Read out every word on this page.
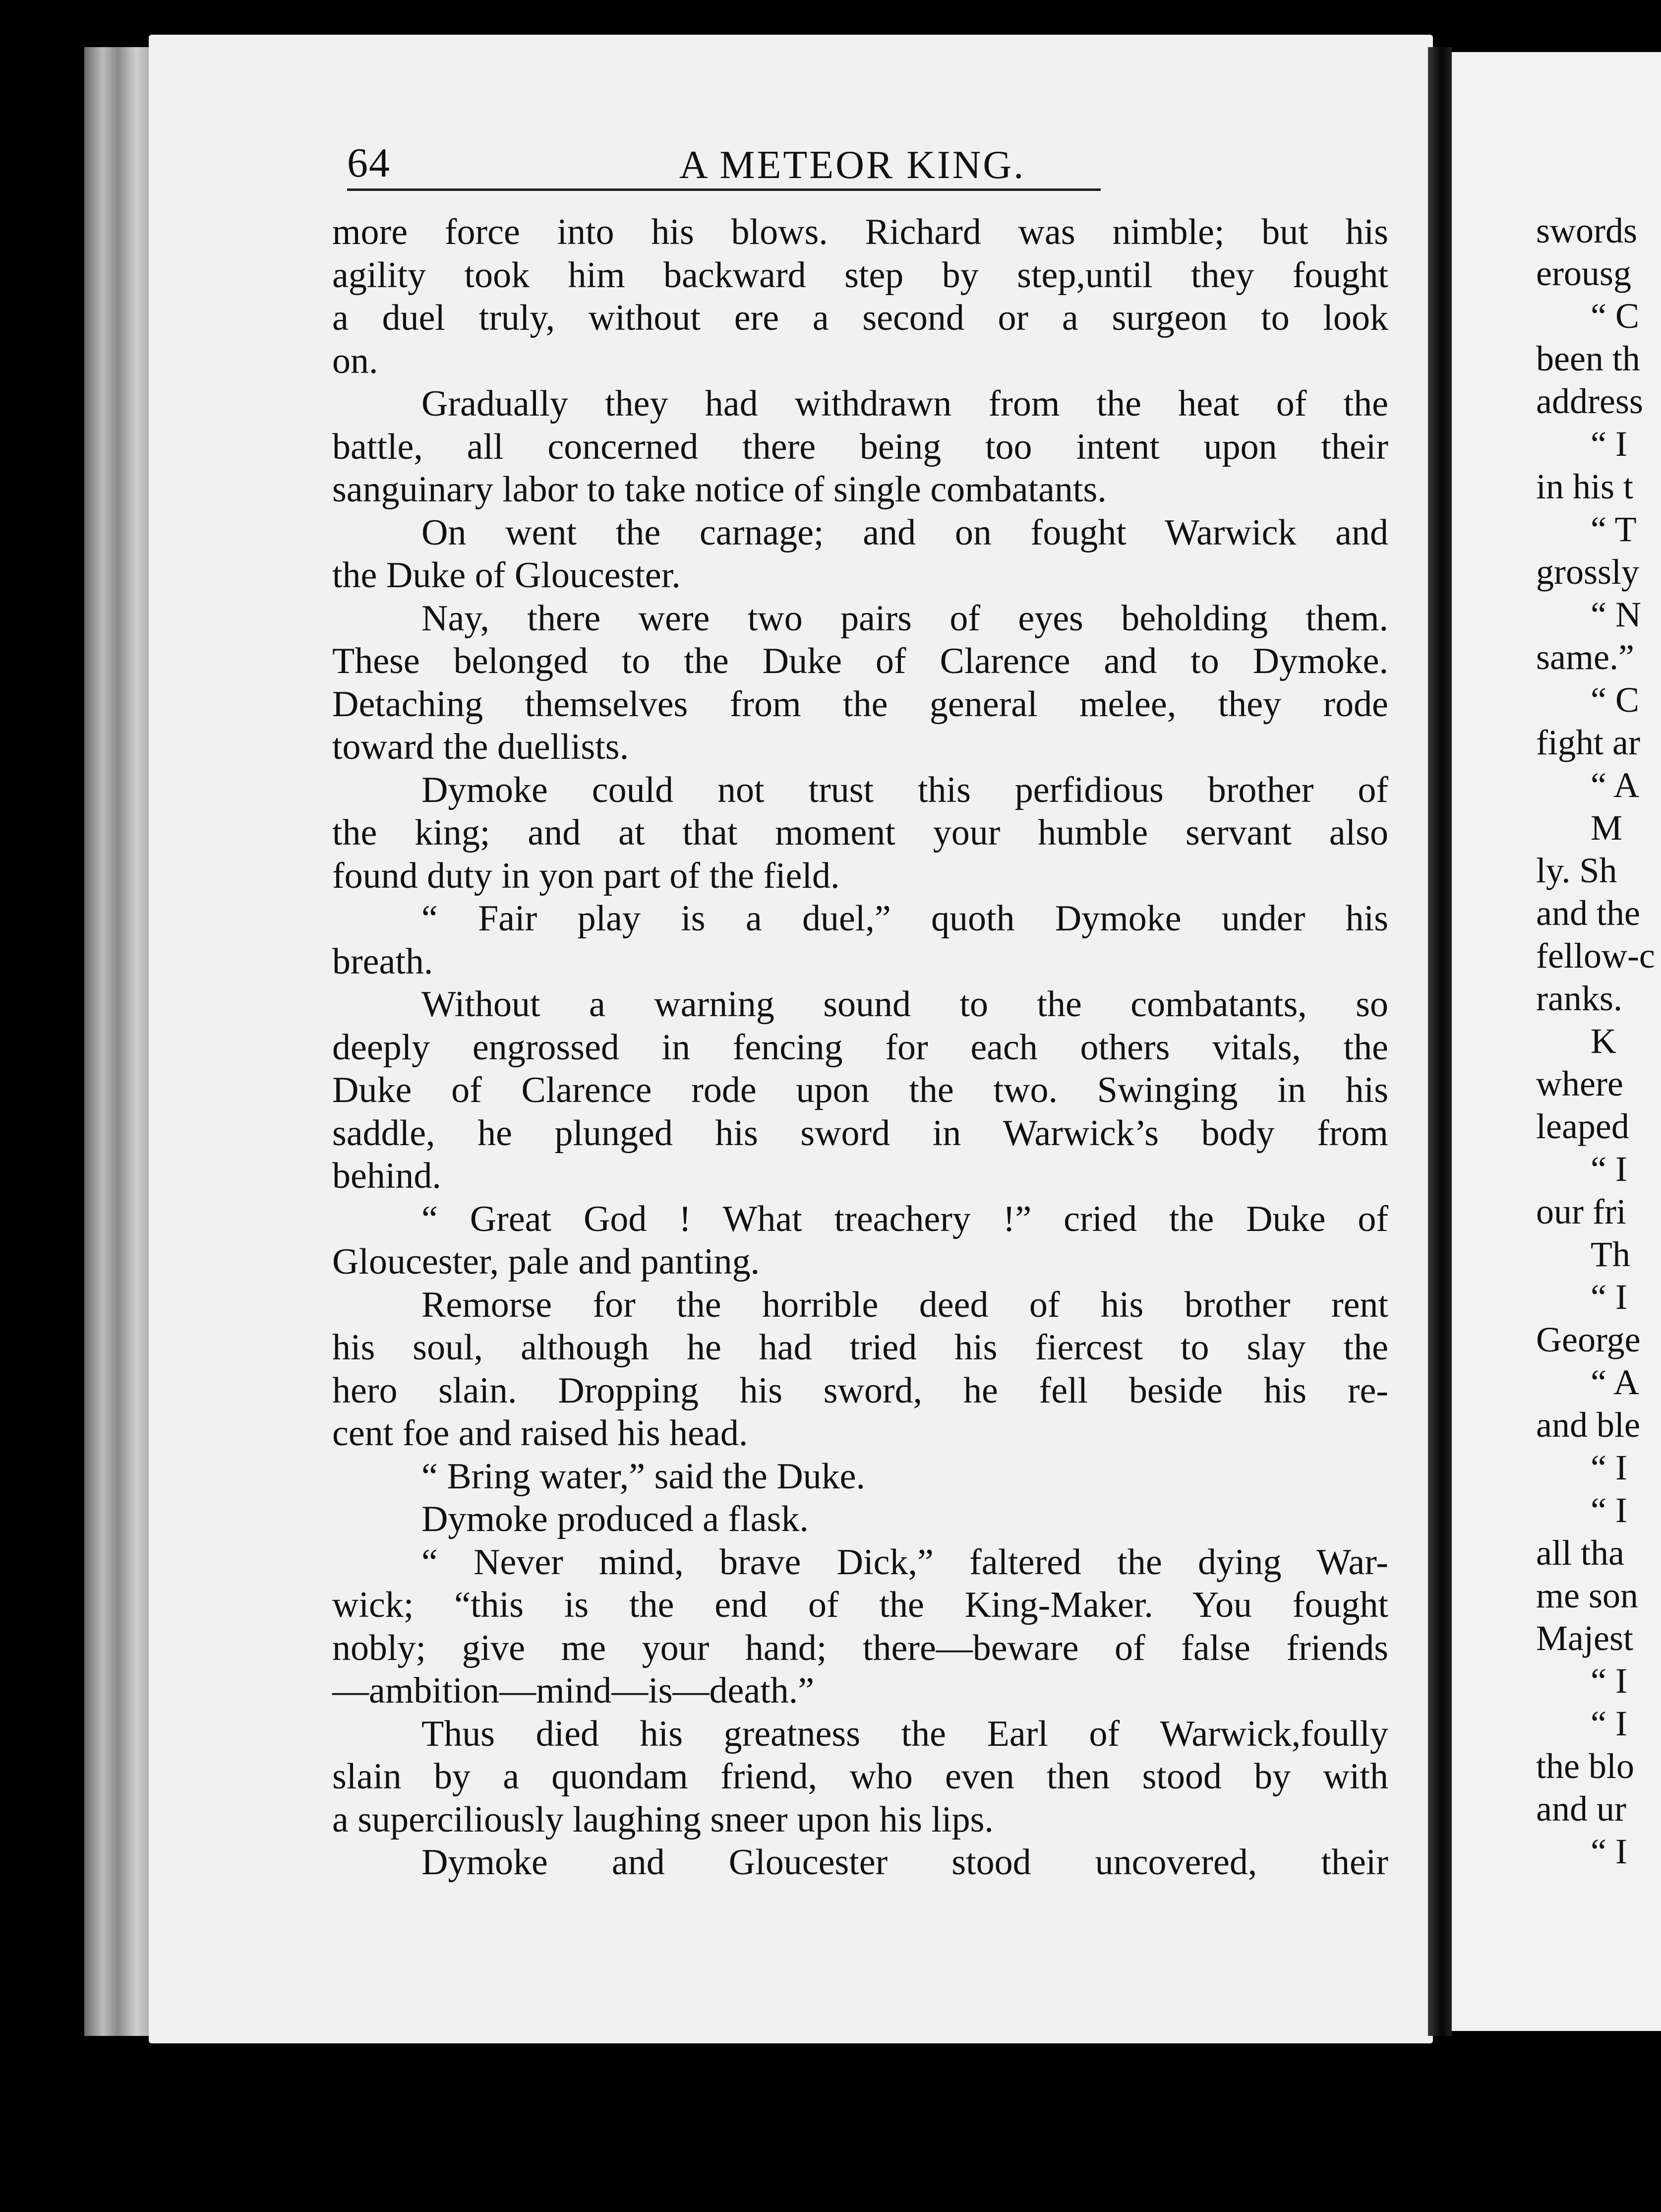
64	A METEOR KING.
more force into his blows. Richard was nimble; but his
agility took him backward step by step,until they fought
a duel truly, without ere a second or a surgeon to look
on.
Gradually they had withdrawn from the heat of the
battle, all concerned there being too intent upon their
sanguinary labor to take notice of single combatants.
On went the carnage; and on fought Warwick and
the Duke of Gloucester.
Nay, there were two pairs of eyes beholding them.
These belonged to the Duke of Clarence and to Dymoke.
Detaching themselves from the general melee, they rode
toward the duellists.
Dymoke could not trust this perfidious brother of
the king; and at that moment your humble servant also
found duty in yon part of the field.
“ Fair play is a duel,” quoth Dymoke under his
breath.
Without a warning sound to the combatants, so
deeply engrossed in fencing for each others vitals, the
Duke of Clarence rode upon the two. Swinging in his
saddle, he plunged his sword in Warwick’s body from
behind.
“ Great God ! What treachery !” cried the Duke of
Gloucester, pale and panting.
Remorse for the horrible deed of his brother rent
his soul, although he had tried his fiercest to slay the
hero slain. Dropping his sword, he fell beside his re-
cent foe and raised his head.
“ Bring water,” said the Duke.
Dymoke produced a flask.
“ Never mind, brave Dick,” faltered the dying War-
wick; “this is the end of the King-Maker. You fought
nobly; give me your hand; there—beware of false friends
—ambition—mind—is—death.”
Thus died his greatness the Earl of Warwick,foully
slain by a quondam friend, who even then stood by with
a superciliously laughing sneer upon his lips.
Dymoke and Gloucester stood uncovered, their
swords
erousg
“ C
been th
address
“ I
in his t
“ T
grossly
“ N
same.”
“ C
fight ar
“ A
M
ly. Sh
and the
fellow-c
ranks.
K
where
leaped
“ I
our fri
Th
“ I
George
“ A
and ble
“ I
“ I
all tha
me son
Majest
“ I
“ I
the blo
and ur
“ I
